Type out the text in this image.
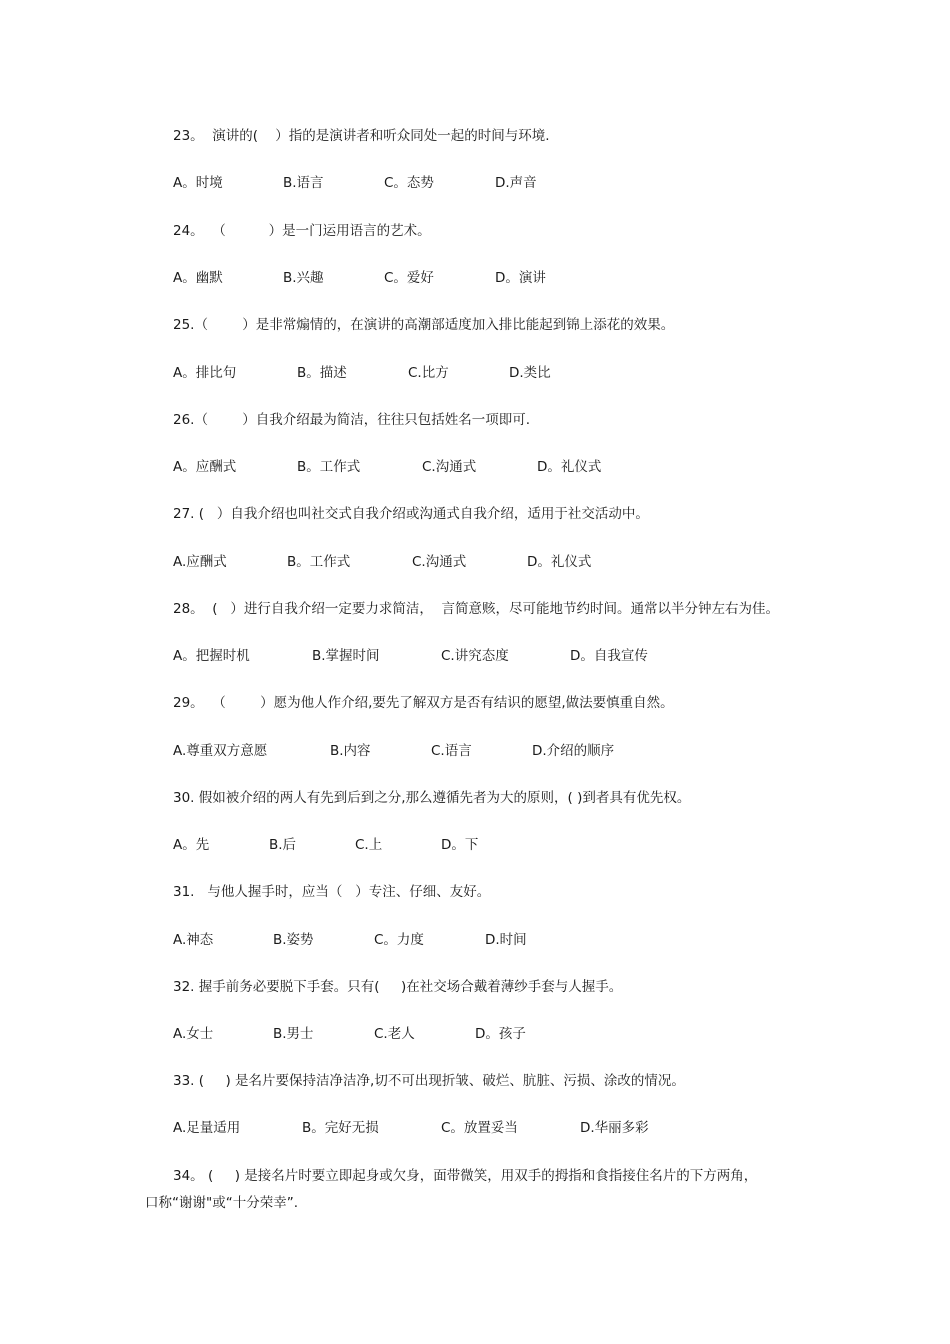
23。  演讲的(    ）指的是演讲者和听众同处一起的时间与环境.
A。时境	B.语言	C。态势	D.声音
24。  （          ）是一门运用语言的艺术。
A。幽默	B.兴趣	C。爱好	D。演讲
25.（        ）是非常煽情的，在演讲的高潮部适度加入排比能起到锦上添花的效果。
A。排比句	B。描述	C.比方	D.类比
26.（        ）自我介绍最为简洁，往往只包括姓名一项即可.
A。应酬式	B。工作式	C.沟通式	D。礼仪式
27. (   ）自我介绍也叫社交式自我介绍或沟通式自我介绍，适用于社交活动中。
A.应酬式	B。工作式	C.沟通式	D。礼仪式
28。  (   ）进行自我介绍一定要力求简洁，  言简意赅，尽可能地节约时间。通常以半分钟左右为佳。
A。把握时机	B.掌握时间	C.讲究态度	D。自我宣传
29。  （        ）愿为他人作介绍,要先了解双方是否有结识的愿望,做法要慎重自然。
A.尊重双方意愿	B.内容	C.语言	D.介绍的顺序
30. 假如被介绍的两人有先到后到之分,那么遵循先者为大的原则，( )到者具有优先权。
A。先	B.后	C.上	D。下
31.   与他人握手时，应当（   ）专注、仔细、友好。
A.神态	B.姿势	C。力度	D.时间
32. 握手前务必要脱下手套。只有(     )在社交场合戴着薄纱手套与人握手。
A.女士	B.男士	C.老人	D。孩子
33. (     ) 是名片要保持洁净洁净,切不可出现折皱、破烂、肮脏、污损、涂改的情况。
A.足量适用	B。完好无损	C。放置妥当	D.华丽多彩
34。 (     ) 是接名片时要立即起身或欠身，面带微笑，用双手的拇指和食指接住名片的下方两角，
口称“谢谢"或“十分荣幸”.
